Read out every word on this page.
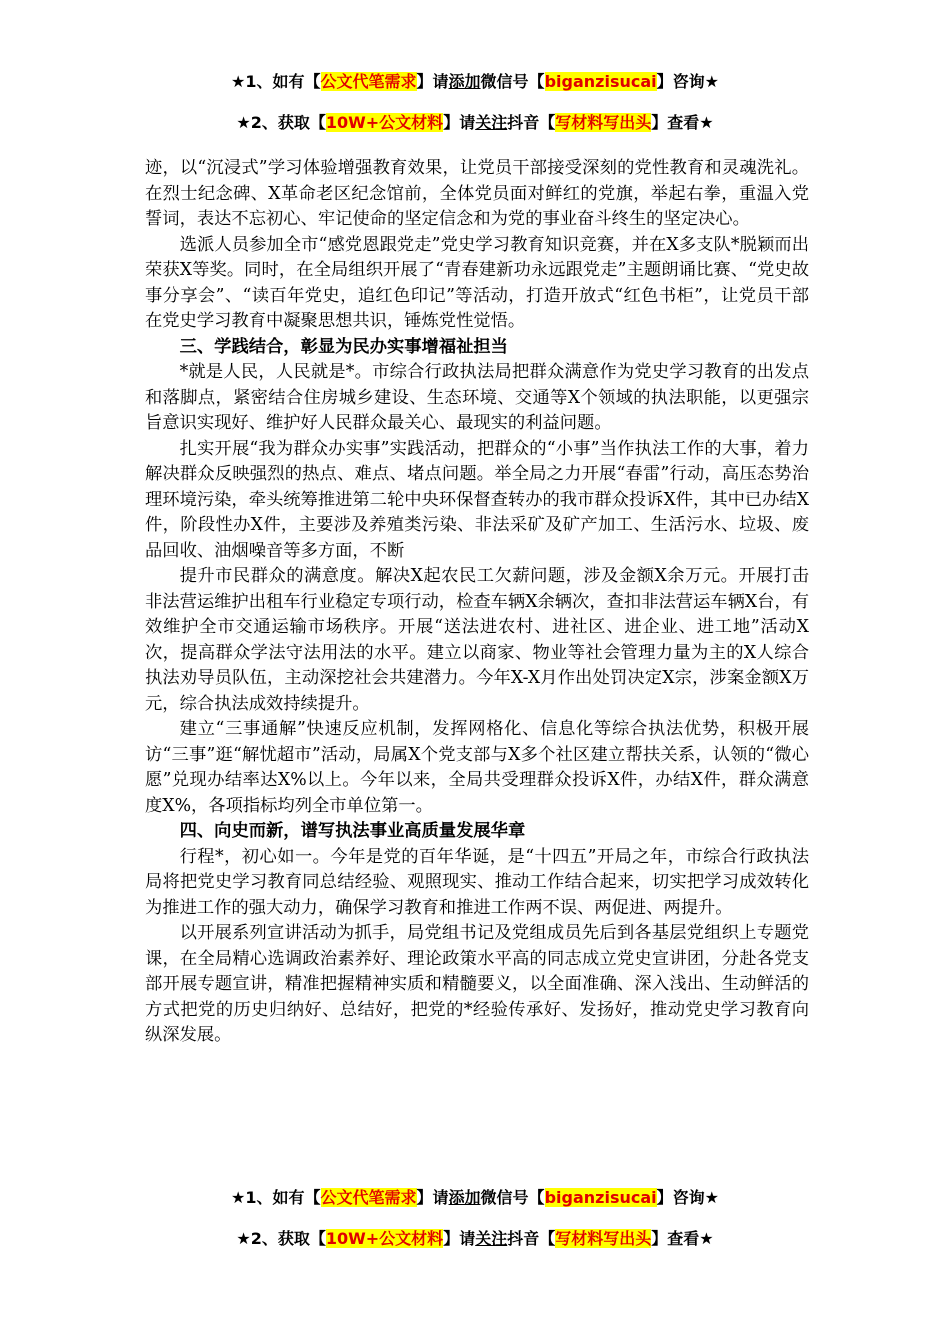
★1、如有【公文代笔需求】请添加微信号【biganzisucai】咨询★
★2、获取【10W+公文材料】请关注抖音【写材料写出头】查看★

迹，以“沉浸式”学习体验增强教育效果，让党员干部接受深刻的党性教育和灵魂洗礼。在烈士纪念碑、X革命老区纪念馆前，全体党员面对鲜红的党旗，举起右拳，重温入党誓词，表达不忘初心、牢记使命的坚定信念和为党的事业奋斗终生的坚定决心。

选派人员参加全市“感党恩跟党走”党史学习教育知识竞赛，并在X多支队*脱颖而出荣获X等奖。同时，在全局组织开展了“青春建新功永远跟党走”主题朗诵比赛、“党史故事分享会”、“读百年党史，追红色印记”等活动，打造开放式“红色书柜”，让党员干部在党史学习教育中凝聚思想共识，锤炼党性觉悟。

三、学践结合，彰显为民办实事增福祉担当

*就是人民，人民就是*。市综合行政执法局把群众满意作为党史学习教育的出发点和落脚点，紧密结合住房城乡建设、生态环境、交通等X个领域的执法职能，以更强宗旨意识实现好、维护好人民群众最关心、最现实的利益问题。

扎实开展“我为群众办实事”实践活动，把群众的“小事”当作执法工作的大事，着力解决群众反映强烈的热点、难点、堵点问题。举全局之力开展“春雷”行动，高压态势治理环境污染，牵头统筹推进第二轮中央环保督查转办的我市群众投诉X件，其中已办结X件，阶段性办X件，主要涉及养殖类污染、非法采矿及矿产加工、生活污水、垃圾、废品回收、油烟噪音等多方面，不断

提升市民群众的满意度。解决X起农民工欠薪问题，涉及金额X余万元。开展打击非法营运维护出租车行业稳定专项行动，检查车辆X余辆次，查扣非法营运车辆X台，有效维护全市交通运输市场秩序。开展“送法进农村、进社区、进企业、进工地”活动X次，提高群众学法守法用法的水平。建立以商家、物业等社会管理力量为主的X人综合执法劝导员队伍，主动深挖社会共建潜力。今年X-X月作出处罚决定X宗，涉案金额X万元，综合执法成效持续提升。

建立“三事通解”快速反应机制，发挥网格化、信息化等综合执法优势，积极开展访“三事”逛“解忧超市”活动，局属X个党支部与X多个社区建立帮扶关系，认领的“微心愿”兑现办结率达X%以上。今年以来，全局共受理群众投诉X件，办结X件，群众满意度X%，各项指标均列全市单位第一。

四、向史而新，谱写执法事业高质量发展华章

行程*，初心如一。今年是党的百年华诞，是“十四五”开局之年，市综合行政执法局将把党史学习教育同总结经验、观照现实、推动工作结合起来，切实把学习成效转化为推进工作的强大动力，确保学习教育和推进工作两不误、两促进、两提升。

以开展系列宣讲活动为抓手，局党组书记及党组成员先后到各基层党组织上专题党课，在全局精心选调政治素养好、理论政策水平高的同志成立党史宣讲团，分赴各党支部开展专题宣讲，精准把握精神实质和精髓要义，以全面准确、深入浅出、生动鲜活的方式把党的历史归纳好、总结好，把党的*经验传承好、发扬好，推动党史学习教育向纵深发展。

★1、如有【公文代笔需求】请添加微信号【biganzisucai】咨询★
★2、获取【10W+公文材料】请关注抖音【写材料写出头】查看★
